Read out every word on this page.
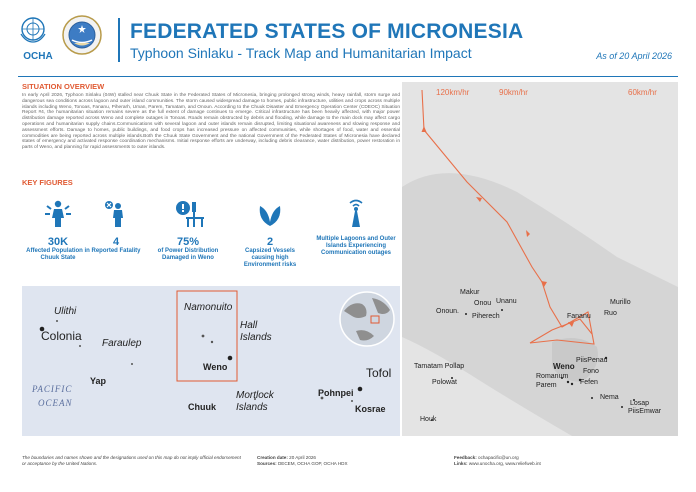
OCHA
FEDERATED STATES OF MICRONESIA
Typhoon Sinlaku - Track Map and Humanitarian Impact	As of 20 April 2026
SITUATION OVERVIEW

In early April 2026, Typhoon Sinlaku (04W) stalled near Chuuk State in the Federated States of Micronesia, bringing prolonged strong winds, heavy rainfall, storm surge and dangerous sea conditions across lagoon and outer island communities. The storm caused widespread damage to homes, public infrastructure, utilities and crops across multiple islands including Weno, Tonoas, Fananu, Piherarh, Uman, Parem, Tamatam, and Onoun. According to the Chuuk Disaster and Emergency Operation Center (CDEOC) Situation Report #4, the humanitarian situation remains severe as the full extent of damage continues to emerge. Critical infrastructure has been heavily affected, with major power distribution damage reported across Weno and complete outages in Tonoas. Roads remain obstructed by debris and flooding, while damage to the main dock may affect cargo operations and humanitarian supply chains.Communications with several lagoon and outer islands remain disrupted, limiting situational awareness and slowing response and assessment efforts. Damage to homes, public buildings, and food crops has increased pressure on affected communities, while shortages of food, water and essential commodities are being reported across multiple islands.Both the Chuuk State Government and the national Government of the Federated States of Micronesia have declared states of emergency and activated response coordination mechanisms. Initial response efforts are underway, including debris clearance, water distribution, power restoration in parts of Weno, and planning for rapid assessments to outer islands.

KEY FIGURES
30K
Affected Population in Chuuk State
4
Reported Fatality
75%
of Power Distribution Damaged in Weno
2
Capsized Vessels causing high Environment risks
Multiple Lagoons and Outer Islands Experiencing Communication outages
Ulithi
Colonia
Faraulep
PACIFIC
OCEAN
Yap
Namonuito
Hall
Islands
Weno
Mortlock
Islands
Chuuk
Pohnpei
Tofol
Kosrae
120km/hr	90km/hr	60km/hr
Makur
Onou Unanu
Onoun.
Piherech
Murillo
Ruo
Fananu
PiisPenau
Weno
Fono
Romanum
Parem	Fefen
Tamatam Pollap
Polowat
Nema
Losap
PiisEmwar
Houk
The boundaries and names shown and the designations used on this map do not imply official endorsement or acceptance by the United Nations.
Creation date: 20 April 2026
Sources: DECEM, OCHA GOP, OCHA HDX
Feedback: ochapacific@un.org
Links: www.unocha.org, www.reliefweb.int
